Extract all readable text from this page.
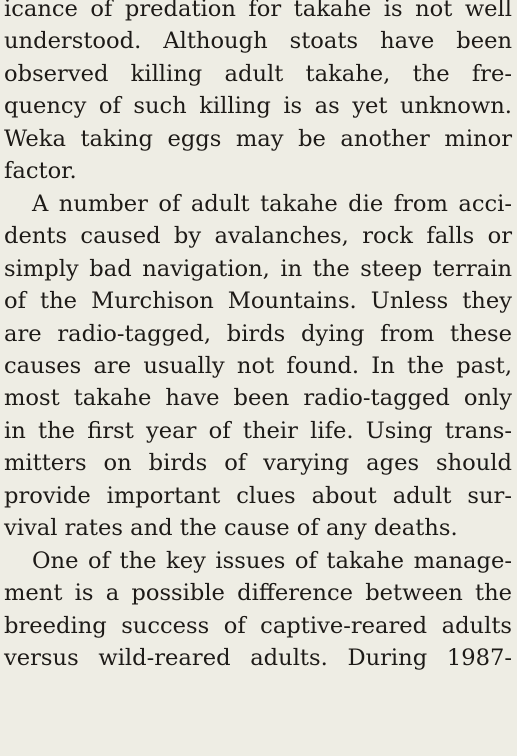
icance of predation for takahe is not well
understood. Although stoats have been
observed killing adult takahe, the fre-
quency of such killing is as yet unknown.
Weka taking eggs may be another minor
factor.
A number of adult takahe die from acci-
dents caused by avalanches, rock falls or
simply bad navigation, in the steep terrain
of the Murchison Mountains. Unless they
are radio-tagged, birds dying from these
causes are usually not found. In the past,
most takahe have been radio-tagged only
in the first year of their life. Using trans-
mitters on birds of varying ages should
provide important clues about adult sur-
vival rates and the cause of any deaths.
One of the key issues of takahe manage-
ment is a possible difference between the
breeding success of captive-reared adults
versus wild-reared adults. During 1987-
